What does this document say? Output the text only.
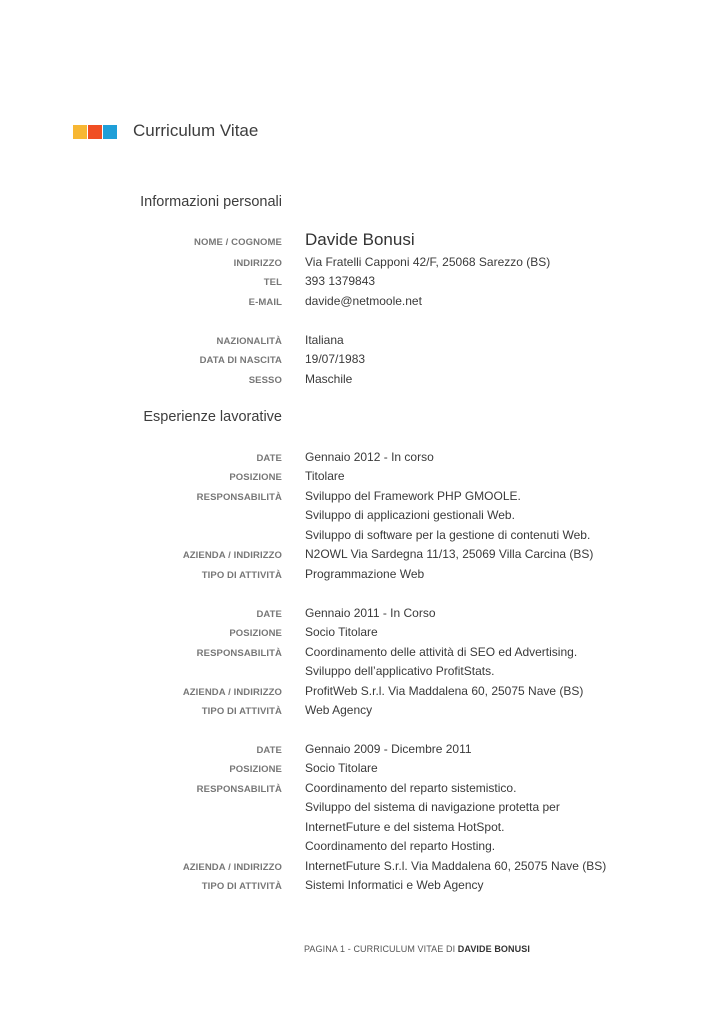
Curriculum Vitae
Informazioni personali
NOME / COGNOME Davide Bonusi
INDIRIZZO Via Fratelli Capponi 42/F, 25068 Sarezzo (BS)
TEL 393 1379843
E-MAIL davide@netmoole.net
NAZIONALITÀ Italiana
DATA DI NASCITA 19/07/1983
SESSO Maschile
Esperienze lavorative
DATE Gennaio 2012 - In corso
POSIZIONE Titolare
RESPONSABILITÀ Sviluppo del Framework PHP GMOOLE.
Sviluppo di applicazioni gestionali Web.
Sviluppo di software per la gestione di contenuti Web.
AZIENDA / INDIRIZZO N2OWL Via Sardegna 11/13, 25069 Villa Carcina (BS)
TIPO DI ATTIVITÀ Programmazione Web
DATE Gennaio 2011 - In Corso
POSIZIONE Socio Titolare
RESPONSABILITÀ Coordinamento delle attività di SEO ed Advertising.
Sviluppo dell’applicativo ProfitStats.
AZIENDA / INDIRIZZO ProfitWeb S.r.l. Via Maddalena 60, 25075 Nave (BS)
TIPO DI ATTIVITÀ Web Agency
DATE Gennaio 2009 - Dicembre 2011
POSIZIONE Socio Titolare
RESPONSABILITÀ Coordinamento del reparto sistemistico.
Sviluppo del sistema di navigazione protetta per
InternetFuture e del sistema HotSpot.
Coordinamento del reparto Hosting.
AZIENDA / INDIRIZZO InternetFuture S.r.l. Via Maddalena 60, 25075 Nave (BS)
TIPO DI ATTIVITÀ Sistemi Informatici e Web Agency
PAGINA 1 - CURRICULUM VITAE DI DAVIDE BONUSI
